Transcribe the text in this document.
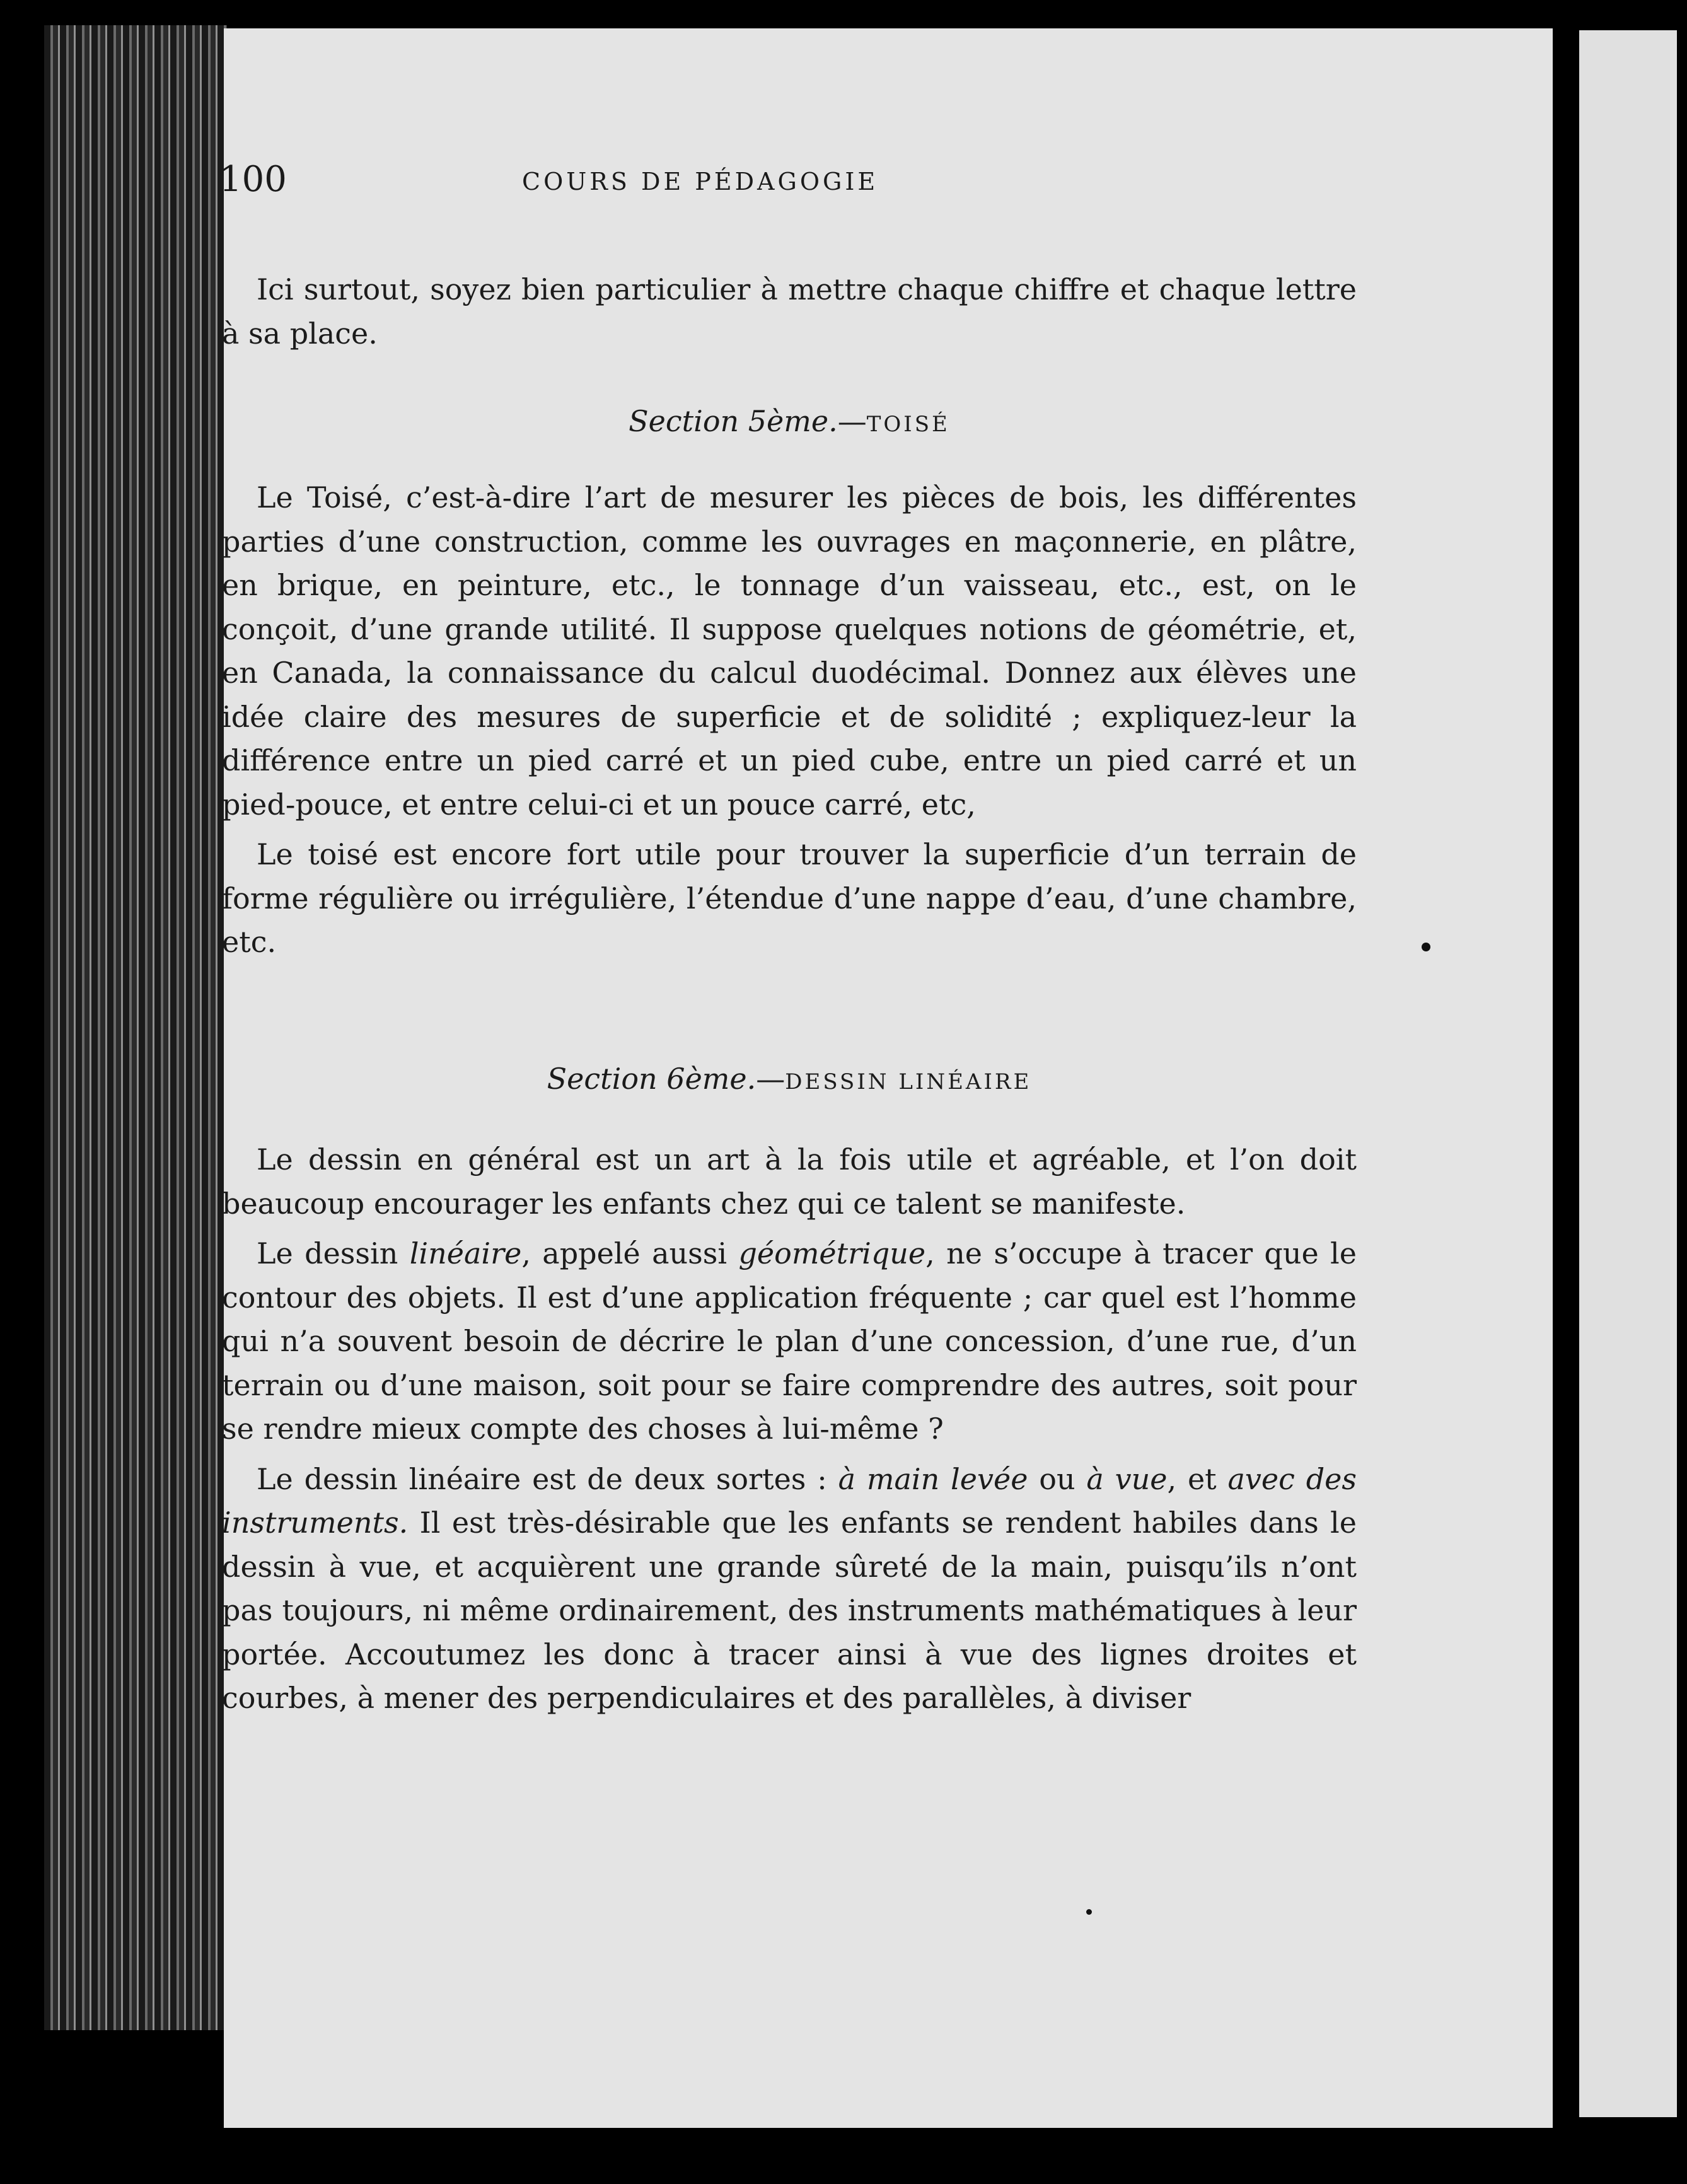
100	COURS DE PÉDAGOGIE

Ici surtout, soyez bien particulier à mettre chaque chiffre et chaque lettre à sa place.

Section 5ème.—TOISÉ

Le Toisé, c’est-à-dire l’art de mesurer les pièces de bois, les différentes parties d’une construction, comme les ouvrages en maçonnerie, en plâtre, en brique, en peinture, etc., le tonnage d’un vaisseau, etc., est, on le conçoit, d’une grande utilité. Il suppose quelques notions de géométrie, et, en Canada, la connaissance du calcul duodécimal. Donnez aux élèves une idée claire des mesures de superficie et de solidité ; expliquez-leur la différence entre un pied carré et un pied cube, entre un pied carré et un pied-pouce, et entre celui-ci et un pouce carré, etc,

Le toisé est encore fort utile pour trouver la superficie d’un terrain de forme régulière ou irrégulière, l’étendue d’une nappe d’eau, d’une chambre, etc.

Section 6ème.—DESSIN LINÉAIRE

Le dessin en général est un art à la fois utile et agréable, et l’on doit beaucoup encourager les enfants chez qui ce talent se manifeste.

Le dessin linéaire, appelé aussi géométrique, ne s’occupe à tracer que le contour des objets. Il est d’une application fréquente ; car quel est l’homme qui n’a souvent besoin de décrire le plan d’une concession, d’une rue, d’un terrain ou d’une maison, soit pour se faire comprendre des autres, soit pour se rendre mieux compte des choses à lui-même ?

Le dessin linéaire est de deux sortes : à main levée ou à vue, et avec des instruments. Il est très-désirable que les enfants se rendent habiles dans le dessin à vue, et acquièrent une grande sûreté de la main, puisqu’ils n’ont pas toujours, ni même ordinairement, des instruments mathématiques à leur portée. Accoutumez les donc à tracer ainsi à vue des lignes droites et courbes, à mener des perpendiculaires et des parallèles, à diviser
